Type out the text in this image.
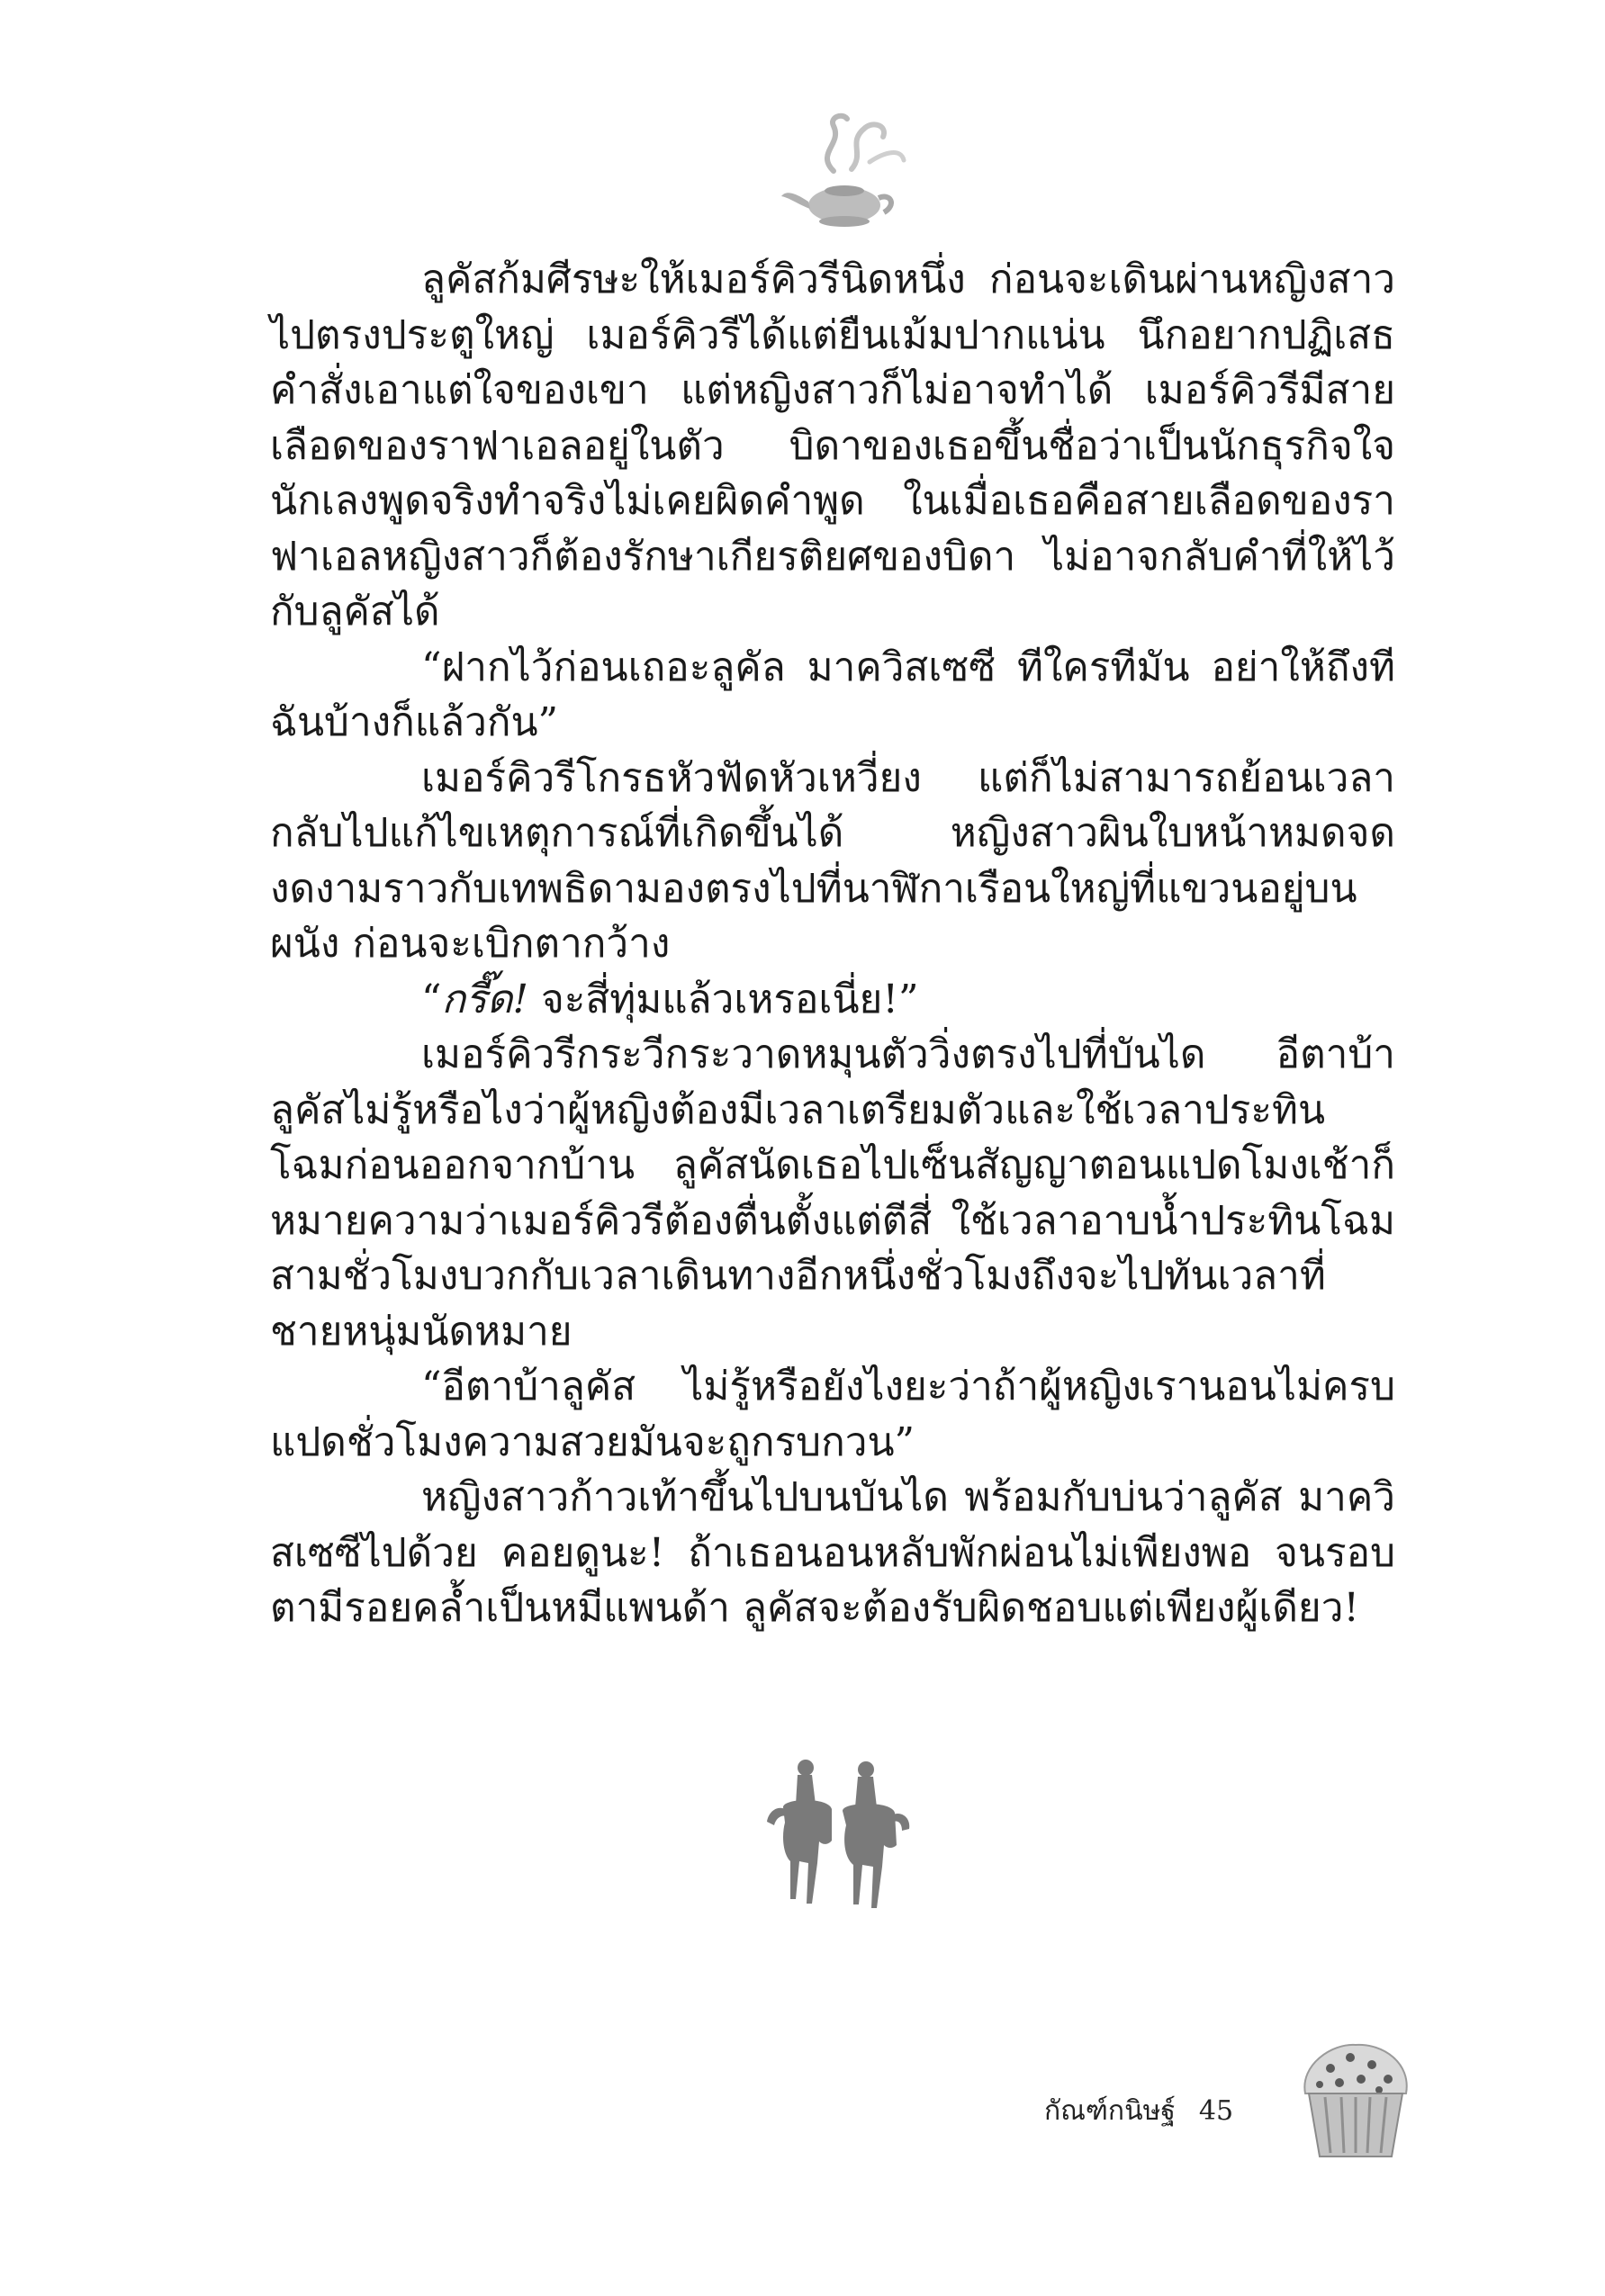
ลูคัสก้มศีรษะให้เมอร์คิวรีนิดหนึ่ง ก่อนจะเดินผ่านหญิงสาวไปตรงประตูใหญ่ เมอร์คิวรีได้แต่ยืนเม้มปากแน่น นึกอยากปฏิเสธคำสั่งเอาแต่ใจของเขา แต่หญิงสาวก็ไม่อาจทำได้ เมอร์คิวรีมีสายเลือดของราฟาเอลอยู่ในตัว บิดาของเธอขึ้นชื่อว่าเป็นนักธุรกิจใจนักเลงพูดจริงทำจริงไม่เคยผิดคำพูด ในเมื่อเธอคือสายเลือดของราฟาเอลหญิงสาวก็ต้องรักษาเกียรติยศของบิดา ไม่อาจกลับคำที่ให้ไว้กับลูคัสได้

“ฝากไว้ก่อนเถอะลูคัล มาควิสเซซี ทีใครทีมัน อย่าให้ถึงทีฉันบ้างก็แล้วกัน”

เมอร์คิวรีโกรธหัวฟัดหัวเหวี่ยง แต่ก็ไม่สามารถย้อนเวลากลับไปแก้ไขเหตุการณ์ที่เกิดขึ้นได้ หญิงสาวผินใบหน้าหมดจดงดงามราวกับเทพธิดามองตรงไปที่นาฬิกาเรือนใหญ่ที่แขวนอยู่บนผนัง ก่อนจะเบิกตากว้าง

“กรี๊ด! จะสี่ทุ่มแล้วเหรอเนี่ย!”

เมอร์คิวรีกระวีกระวาดหมุนตัววิ่งตรงไปที่บันได อีตาบ้าลูคัสไม่รู้หรือไงว่าผู้หญิงต้องมีเวลาเตรียมตัวและใช้เวลาประทินโฉมก่อนออกจากบ้าน ลูคัสนัดเธอไปเซ็นสัญญาตอนแปดโมงเช้าก็หมายความว่าเมอร์คิวรีต้องตื่นตั้งแต่ตีสี่ ใช้เวลาอาบน้ำประทินโฉมสามชั่วโมงบวกกับเวลาเดินทางอีกหนึ่งชั่วโมงถึงจะไปทันเวลาที่ชายหนุ่มนัดหมาย

“อีตาบ้าลูคัส ไม่รู้หรือยังไงยะว่าถ้าผู้หญิงเรานอนไม่ครบแปดชั่วโมงความสวยมันจะถูกรบกวน”

หญิงสาวก้าวเท้าขึ้นไปบนบันได พร้อมกับบ่นว่าลูคัส มาควิสเซซีไปด้วย คอยดูนะ! ถ้าเธอนอนหลับพักผ่อนไม่เพียงพอ จนรอบตามีรอยคล้ำเป็นหมีแพนด้า ลูคัสจะต้องรับผิดชอบแต่เพียงผู้เดียว!

กัณฑ์กนิษฐ์ 45
